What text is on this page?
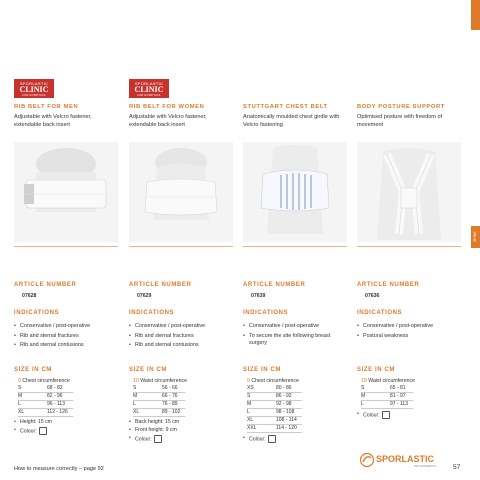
SPINE
SPORLASTIC
CLINIC
FOR HOSPITALS
RIB BELT FOR MEN
Adjustable with Velcro fastener, extendable back insert
ARTICLE NUMBER
07628
INDICATIONS
• Conservative / post-operative
• Rib and sternal fractures
• Rib and sternal contusions
SIZE IN CM
9 Chest circumference
S	68 - 82
M	82 - 96
L	96 - 113
XL	112 - 126
• Height: 15 cm
• Colour:
SPORLASTIC
CLINIC
FOR HOSPITALS
RIB BELT FOR WOMEN
Adjustable with Velcro fastener, extendable back insert
ARTICLE NUMBER
07629
INDICATIONS
• Conservative / post-operative
• Rib and sternal fractures
• Rib and sternal contusions
SIZE IN CM
10 Waist circumference
S	56 - 66
M	66 - 76
L	76 - 89
XL	89 - 102
• Back height: 15 cm
• Front height: 9 cm
• Colour:
STUTTGART CHEST BELT
Anatomically moulded chest girdle with Velcro fastening
ARTICLE NUMBER
07639
INDICATIONS
• Conservative / post-operative
• To secure the site following breast surgery
SIZE IN CM
9 Chest circumference
XS	80 - 86
S	86 - 92
M	92 - 98
L	98 - 108
XL	108 - 114
XXL	114 - 120
• Colour:
BODY POSTURE SUPPORT
Optimised posture with freedom of movement
ARTICLE NUMBER
07636
INDICATIONS
• Conservative / post-operative
• Postural weakness
SIZE IN CM
10 Waist circumference
S	65 - 81
M	81 - 97
L	97 - 113
• Colour:
How to measure correctly – page 92
SPORLASTIC
ORTHOPAEDICS	57
